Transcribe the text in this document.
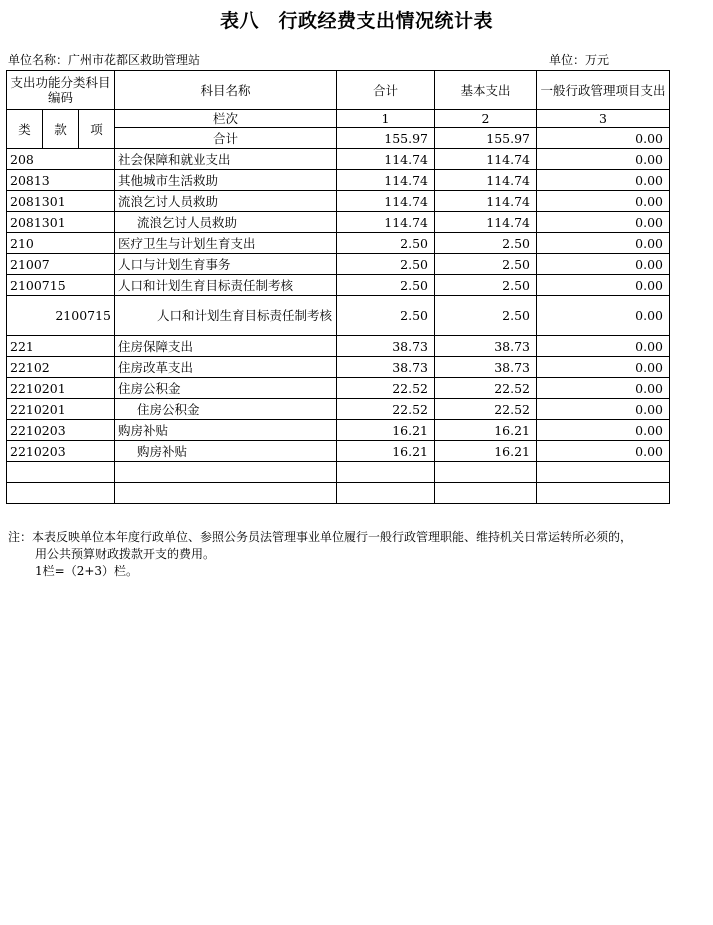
表八　行政经费支出情况统计表
单位名称：广州市花都区救助管理站	单位：万元
支出功能分类科目编码			科目名称	合计	基本支出	一般行政管理项目支出

类	款	项	栏次	1	2	3
			合计	155.97	155.97	0.00
208			社会保障和就业支出	114.74	114.74	0.00
20813			其他城市生活救助	114.74	114.74	0.00
2081301			流浪乞讨人员救助	114.74	114.74	0.00
2081301			流浪乞讨人员救助	114.74	114.74	0.00
210			医疗卫生与计划生育支出	2.50	2.50	0.00
21007			人口与计划生育事务	2.50	2.50	0.00
2100715			人口和计划生育目标责任制考核	2.50	2.50	0.00
2100715			人口和计划生育目标责任制考核	2.50	2.50	0.00
221			住房保障支出	38.73	38.73	0.00
22102			住房改革支出	38.73	38.73	0.00
2210201			住房公积金	22.52	22.52	0.00
2210201			住房公积金	22.52	22.52	0.00
2210203			购房补贴	16.21	16.21	0.00
2210203			购房补贴	16.21	16.21	0.00

注：本表反映单位本年度行政单位、参照公务员法管理事业单位履行一般行政管理职能、维持机关日常运转所必须的，
用公共预算财政拨款开支的费用。
1栏=（2+3）栏。
